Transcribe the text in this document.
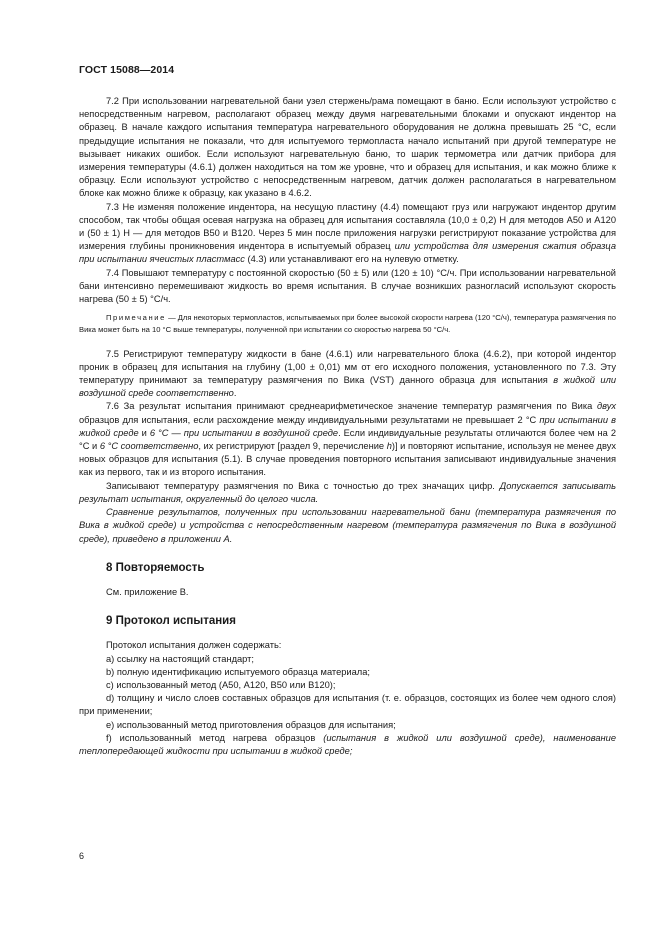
ГОСТ 15088—2014

7.2 При использовании нагревательной бани узел стержень/рама помещают в баню. Если используют устройство с непосредственным нагревом, располагают образец между двумя нагревательными блоками и опускают индентор на образец. В начале каждого испытания температура нагревательного оборудования не должна превышать 25 °C, если предыдущие испытания не показали, что для испытуемого термопласта начало испытаний при другой температуре не вызывает никаких ошибок. Если используют нагревательную баню, то шарик термометра или датчик прибора для измерения температуры (4.6.1) должен находиться на том же уровне, что и образец для испытания, и как можно ближе к образцу. Если используют устройство с непосредственным нагревом, датчик должен располагаться в нагревательном блоке как можно ближе к образцу, как указано в 4.6.2.

7.3 Не изменяя положение индентора, на несущую пластину (4.4) помещают груз или нагружают индентор другим способом, так чтобы общая осевая нагрузка на образец для испытания составляла (10,0 ± 0,2) Н для методов А50 и А120 и (50 ± 1) Н — для методов В50 и В120. Через 5 мин после приложения нагрузки регистрируют показание устройства для измерения глубины проникновения индентора в испытуемый образец или устройства для измерения сжатия образца при испытании ячеистых пластмасс (4.3) или устанавливают его на нулевую отметку.

7.4 Повышают температуру с постоянной скоростью (50 ± 5) или (120 ± 10) °C/ч. При использовании нагревательной бани интенсивно перемешивают жидкость во время испытания. В случае возникших разногласий используют скорость нагрева (50 ± 5) °C/ч.

Примечание — Для некоторых термопластов, испытываемых при более высокой скорости нагрева (120 °C/ч), температура размягчения по Вика может быть на 10 °C выше температуры, полученной при испытании со скоростью нагрева 50 °C/ч.

7.5 Регистрируют температуру жидкости в бане (4.6.1) или нагревательного блока (4.6.2), при которой индентор проник в образец для испытания на глубину (1,00 ± 0,01) мм от его исходного положения, установленного по 7.3. Эту температуру принимают за температуру размягчения по Вика (VST) данного образца для испытания в жидкой или воздушной среде соответственно.

7.6 За результат испытания принимают среднеарифметическое значение температур размягчения по Вика двух образцов для испытания, если расхождение между индивидуальными результатами не превышает 2 °C при испытании в жидкой среде и 6 °C — при испытании в воздушной среде. Если индивидуальные результаты отличаются более чем на 2 °C и 6 °C соответственно, их регистрируют [раздел 9, перечисление h)] и повторяют испытание, используя не менее двух новых образцов для испытания (5.1). В случае проведения повторного испытания записывают индивидуальные значения как из первого, так и из второго испытания.

Записывают температуру размягчения по Вика с точностью до трех значащих цифр. Допускается записывать результат испытания, округленный до целого числа.

Сравнение результатов, полученных при использовании нагревательной бани (температура размягчения по Вика в жидкой среде) и устройства с непосредственным нагревом (температура размягчения по Вика в воздушной среде), приведено в приложении А.

8 Повторяемость

См. приложение В.

9 Протокол испытания

Протокол испытания должен содержать:

a) ссылку на настоящий стандарт;

b) полную идентификацию испытуемого образца материала;

c) использованный метод (А50, А120, В50 или В120);

d) толщину и число слоев составных образцов для испытания (т. е. образцов, состоящих из более чем одного слоя) при применении;

e) использованный метод приготовления образцов для испытания;

f) использованный метод нагрева образцов (испытания в жидкой или воздушной среде), наименование теплопередающей жидкости при испытании в жидкой среде;

6
